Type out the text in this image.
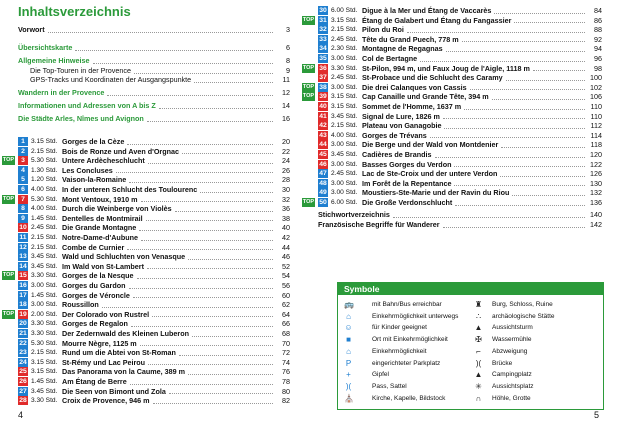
Inhaltsverzeichnis
Vorwort	3
Übersichtskarte	6
Allgemeine Hinweise	8
Die Top-Touren in der Provence	9
GPS-Tracks und Koordinaten der Ausgangspunkte	11
Wandern in der Provence	12
Informationen und Adressen von A bis Z	14
Die Städte Arles, Nîmes und Avignon	16
1 3.15 Std. Gorges de la Cèze	20
2 2.15 Std. Bois de Ronze und Aven d'Orgnac	22
TOP	3 5.30 Std. Untere Ardècheschlucht	24
4 1.30 Std. Les Concluses	26
5 1.20 Std. Vaison-la-Romaine	28
6 4.00 Std. In der unteren Schlucht des Toulourenc	30
TOP	7 5.30 Std. Mont Ventoux, 1910 m	32
8 4.00 Std. Durch die Weinberge von Violès	36
9 1.45 Std. Dentelles de Montmirail	38
10 2.45 Std. Die Grande Montagne	40
11 2.15 Std. Notre-Dame-d'Aubune	42
12 2.15 Std. Combe de Curnier	44
13 3.45 Std. Wald und Schluchten von Venasque	46
14 3.45 Std. Im Wald von St-Lambert	52
TOP 15 3.30 Std. Gorges de la Nesque	54
16 3.00 Std. Gorges du Gardon	56
17 1.45 Std. Gorges de Véroncle	60
18 3.00 Std. Roussillon	62
TOP 19 2.00 Std. Der Colorado von Rustrel	64
20 3.30 Std. Gorges de Regalon	66
21 3.30 Std. Der Zedernwald des Kleinen Luberon	68
22 5.30 Std. Mourre Nègre, 1125 m	70
23 2.15 Std. Rund um die Abtei von St-Roman	72
24 3.15 Std. St-Rémy und Lac Peirou	74
25 3.15 Std. Das Panorama von la Caume, 389 m	76
26 1.45 Std. Am Étang de Berre	78
27 3.45 Std. Die Seen von Bimont und Zola	80
28 3.30 Std. Croix de Provence, 946 m	82
30 6.00 Std. Digue à la Mer und Étang de Vaccarès	84
TOP 31 3.15 Std. Étang de Galabert und Étang du Fangassier	86
32 2.15 Std. Pilon du Roi	88
33 2.45 Std. Tête du Grand Puech, 778 m	92
34 2.30 Std. Montagne de Regagnas	94
35 3.00 Std. Col de Bertagne	96
TOP 36 3.30 Std. St-Pilon, 994 m, und Faux Joug de l'Aigle, 1118 m	98
37 2.45 Std. St-Probace und die Schlucht des Caramy	100
TOP 38 3.00 Std. Die drei Calanques von Cassis	102
TOP 39 3.15 Std. Cap Canaille und Grande Tête, 394 m	106
40 3.15 Std. Sommet de l'Homme, 1637 m	110
41 3.45 Std. Signal de Lure, 1826 m	110
42 2.15 Std. Plateau von Ganagobie	112
43 4.00 Std. Gorges de Trévans	114
44 3.00 Std. Die Berge und der Wald von Montdenier	118
45 3.45 Std. Cadières de Brandis	120
46 3.00 Std. Basses Gorges du Verdon	122
47 2.45 Std. Lac de Ste-Croix und der untere Verdon	126
48 3.00 Std. Im Forêt de la Repentance	130
49 3.00 Std. Moustiers-Ste-Marie und der Ravin du Riou	132
TOP 50 6.00 Std. Die Große Verdonschlucht	136
Stichwortverzeichnis	140
Französische Begriffe für Wanderer	142
Symbole
🚌	mit Bahn/Bus erreichbar
⌂	Einkehrmöglichkeit unterwegs
☺	für Kinder geeignet
■	Ort mit Einkehrmöglichkeit
⌂	Einkehrmöglichkeit
P	eingerichteter Parkplatz
+	Gipfel
)(	Pass, Sattel
⛪	Kirche, Kapelle, Bildstock
♜ Burg, Schloss, Ruine
∴	archäologische Stätte
▲ Aussichtsturm
✠ Wassermühle
⌐	Abzweigung
)( Brücke
▲ Campingplatz
✳ Aussichtsplatz
∩ Höhle, Grotte
4	5
